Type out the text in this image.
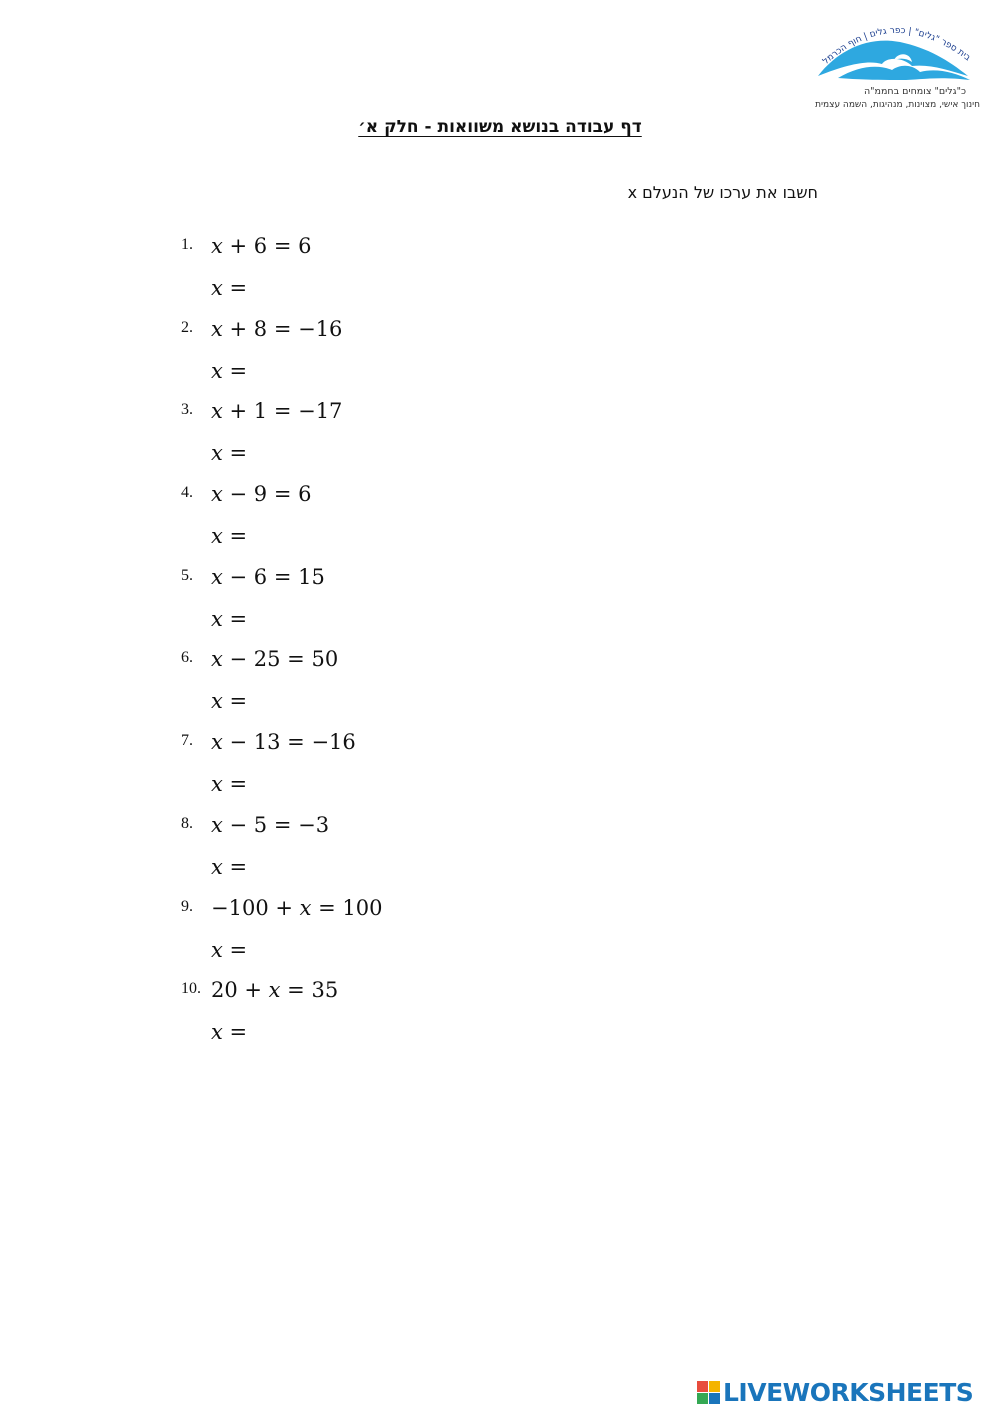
בית ספר "גלים" | כפר גלים | חוף הכרמל
כ"גלים" צומחים בחממ"ה
חינוך אישי, מצוינות, מנהיגות, השמה עצמית
דף עבודה בנושא משוואות - חלק א׳
חשבו את ערכו של הנעלם x
1. 𝑥 + 6 = 6
𝑥 =
2. 𝑥 + 8 = −16
𝑥 =
3. 𝑥 + 1 = −17
𝑥 =
4. 𝑥 − 9 = 6
𝑥 =
5. 𝑥 − 6 = 15
𝑥 =
6. 𝑥 − 25 = 50
𝑥 =
7. 𝑥 − 13 = −16
𝑥 =
8. 𝑥 − 5 = −3
𝑥 =
9. −100 + 𝑥 = 100
𝑥 =
10. 20 + 𝑥 = 35
𝑥 =
LIVEWORKSHEETS
